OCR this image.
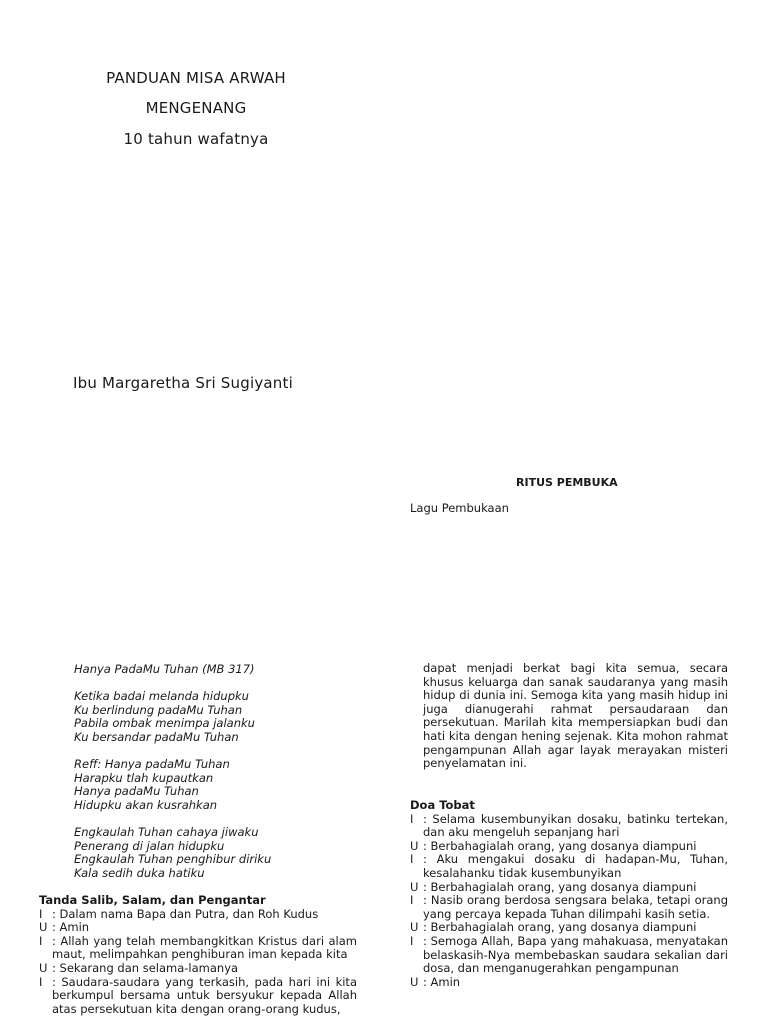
PANDUAN MISA ARWAH
MENGENANG
10 tahun wafatnya
Ibu Margaretha Sri Sugiyanti
RITUS PEMBUKA
Lagu Pembukaan
Hanya PadaMu Tuhan (MB 317)
Ketika badai melanda hidupku
Ku berlindung padaMu Tuhan
Pabila ombak menimpa jalanku
Ku bersandar padaMu Tuhan
Reff: Hanya padaMu Tuhan
Harapku tlah kupautkan
Hanya padaMu Tuhan
Hidupku akan kusrahkan
Engkaulah Tuhan cahaya jiwaku
Penerang di jalan hidupku
Engkaulah Tuhan penghibur diriku
Kala sedih duka hatiku
Tanda Salib, Salam, dan Pengantar
I : Dalam nama Bapa dan Putra, dan Roh Kudus
U : Amin
I : Allah yang telah membangkitkan Kristus dari alam maut, melimpahkan penghiburan iman kepada kita
U : Sekarang dan selama-lamanya
I : Saudara-saudara yang terkasih, pada hari ini kita berkumpul bersama untuk bersyukur kepada Allah atas persekutuan kita dengan orang-orang kudus,
dapat menjadi berkat bagi kita semua, secara khusus keluarga dan sanak saudaranya yang masih hidup di dunia ini. Semoga kita yang masih hidup ini juga dianugerahi rahmat persaudaraan dan persekutuan. Marilah kita mempersiapkan budi dan hati kita dengan hening sejenak. Kita mohon rahmat pengampunan Allah agar layak merayakan misteri penyelamatan ini.
Doa Tobat
I : Selama kusembunyikan dosaku, batinku tertekan, dan aku mengeluh sepanjang hari
U : Berbahagialah orang, yang dosanya diampuni
I : Aku mengakui dosaku di hadapan-Mu, Tuhan, kesalahanku tidak kusembunyikan
U : Berbahagialah orang, yang dosanya diampuni
I : Nasib orang berdosa sengsara belaka, tetapi orang yang percaya kepada Tuhan dilimpahi kasih setia.
U : Berbahagialah orang, yang dosanya diampuni
I : Semoga Allah, Bapa yang mahakuasa, menyatakan belaskasih-Nya membebaskan saudara sekalian dari dosa, dan menganugerahkan pengampunan
U : Amin
